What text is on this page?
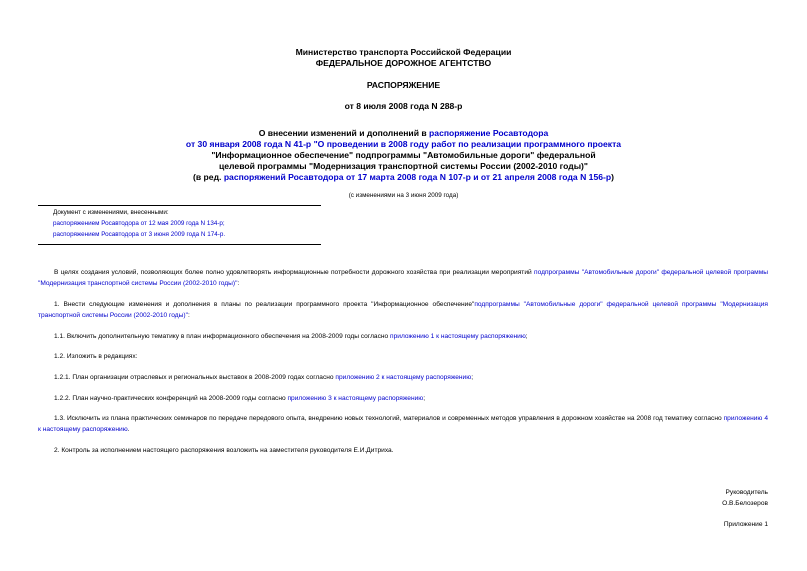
Министерство транспорта Российской Федерации
ФЕДЕРАЛЬНОЕ ДОРОЖНОЕ АГЕНТСТВО
РАСПОРЯЖЕНИЕ
от 8 июля 2008 года N 288-р
О внесении изменений и дополнений в распоряжение Росавтодора
от 30 января 2008 года N 41-р "О проведении в 2008 году работ по реализации программного проекта
"Информационное обеспечение" подпрограммы "Автомобильные дороги" федеральной
целевой программы "Модернизация транспортной системы России (2002-2010 годы)"
(в ред. распоряжений Росавтодора от 17 марта 2008 года N 107-р и от 21 апреля 2008 года N 156-р)
(с изменениями на 3 июня 2009 года)
Документ с изменениями, внесенными:
распоряжением Росавтодора от 12 мая 2009 года N 134-р;
распоряжением Росавтодора от 3 июня 2009 года N 174-р.
В целях создания условий, позволяющих более полно удовлетворять информационные потребности дорожного хозяйства при реализации мероприятий подпрограммы "Автомобильные дороги" федеральной целевой программы "Модернизация транспортной системы России (2002-2010 годы)":
1. Внести следующие изменения и дополнения в планы по реализации программного проекта "Информационное обеспечение"подпрограммы "Автомобильные дороги" федеральной целевой программы "Модернизация транспортной системы России (2002-2010 годы)":
1.1. Включить дополнительную тематику в план информационного обеспечения на 2008-2009 годы согласно приложению 1 к настоящему распоряжению;
1.2. Изложить в редакциях:
1.2.1. План организации отраслевых и региональных выставок в 2008-2009 годах согласно приложению 2 к настоящему распоряжению;
1.2.2. План научно-практических конференций на 2008-2009 годы согласно приложению 3 к настоящему распоряжению;
1.3. Исключить из плана практических семинаров по передаче передового опыта, внедрению новых технологий, материалов и современных методов управления в дорожном хозяйстве на 2008 год тематику согласно приложению 4 к настоящему распоряжению.
2. Контроль за исполнением настоящего распоряжения возложить на заместителя руководителя Е.И.Дитриха.
Руководитель
О.В.Белозеров
Приложение 1
